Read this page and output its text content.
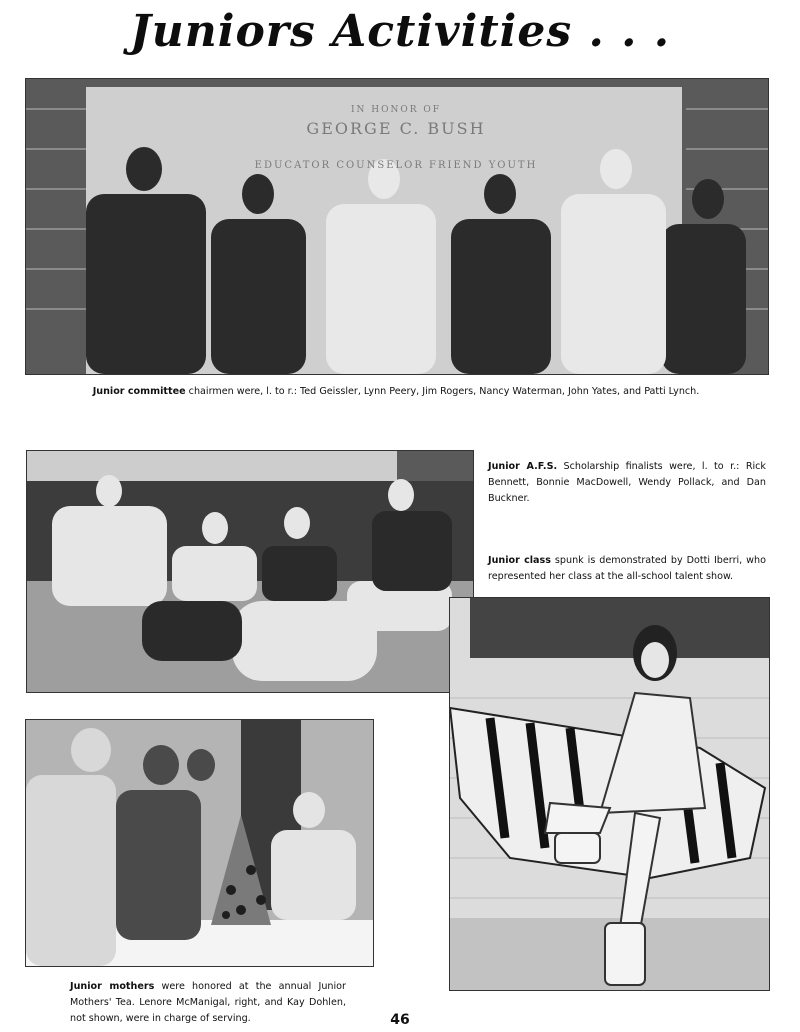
Juniors Activities . . .
IN HONOR OF
GEORGE C. BUSH
EDUCATOR COUNSELOR FRIEND YOUTH
Junior committee chairmen were, l. to r.: Ted Geissler, Lynn Peery, Jim Rogers, Nancy Waterman, John Yates, and Patti Lynch.
Junior A.F.S. Scholarship finalists were, l. to r.: Rick Bennett, Bonnie MacDowell, Wendy Pollack, and Dan Buckner.
Junior class spunk is demonstrated by Dotti Iberri, who represented her class at the all-school talent show.
Junior mothers were honored at the annual Junior Mothers' Tea. Lenore McManigal, right, and Kay Dohlen, not shown, were in charge of serving.	46
